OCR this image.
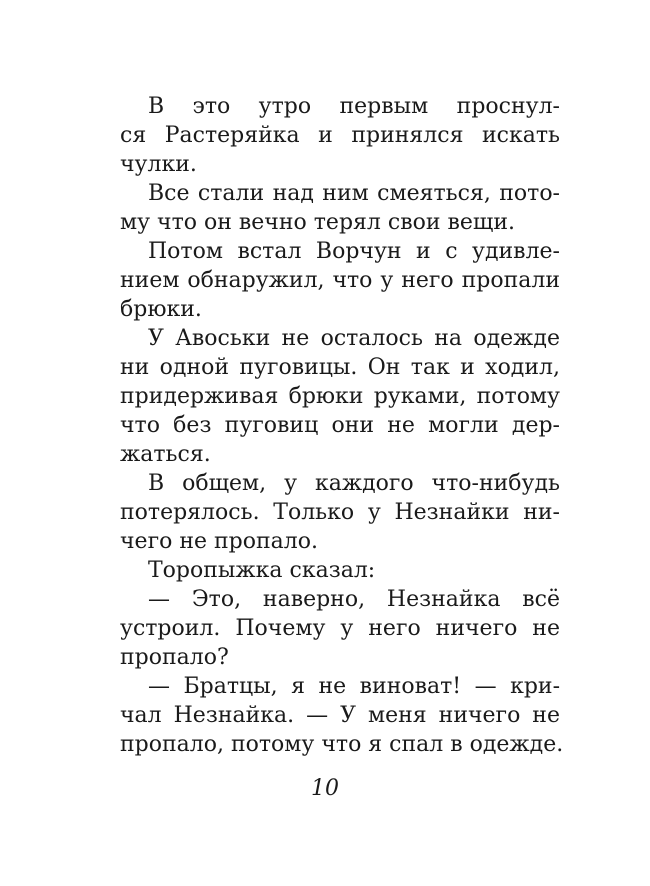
В это утро первым проснул-
ся Растеряйка и принялся искать
чулки.
Все стали над ним смеяться, пото-
му что он вечно терял свои вещи.
Потом встал Ворчун и с удивле-
нием обнаружил, что у него пропали
брюки.
У Авоськи не осталось на одежде
ни одной пуговицы. Он так и ходил,
придерживая брюки руками, потому
что без пуговиц они не могли дер-
жаться.
В общем, у каждого что-нибудь
потерялось. Только у Незнайки ни-
чего не пропало.
Торопыжка сказал:
— Это, наверно, Незнайка всё
устроил. Почему у него ничего не
пропало?
— Братцы, я не виноват! — кри-
чал Незнайка. — У меня ничего не
пропало, потому что я спал в одежде.
10
